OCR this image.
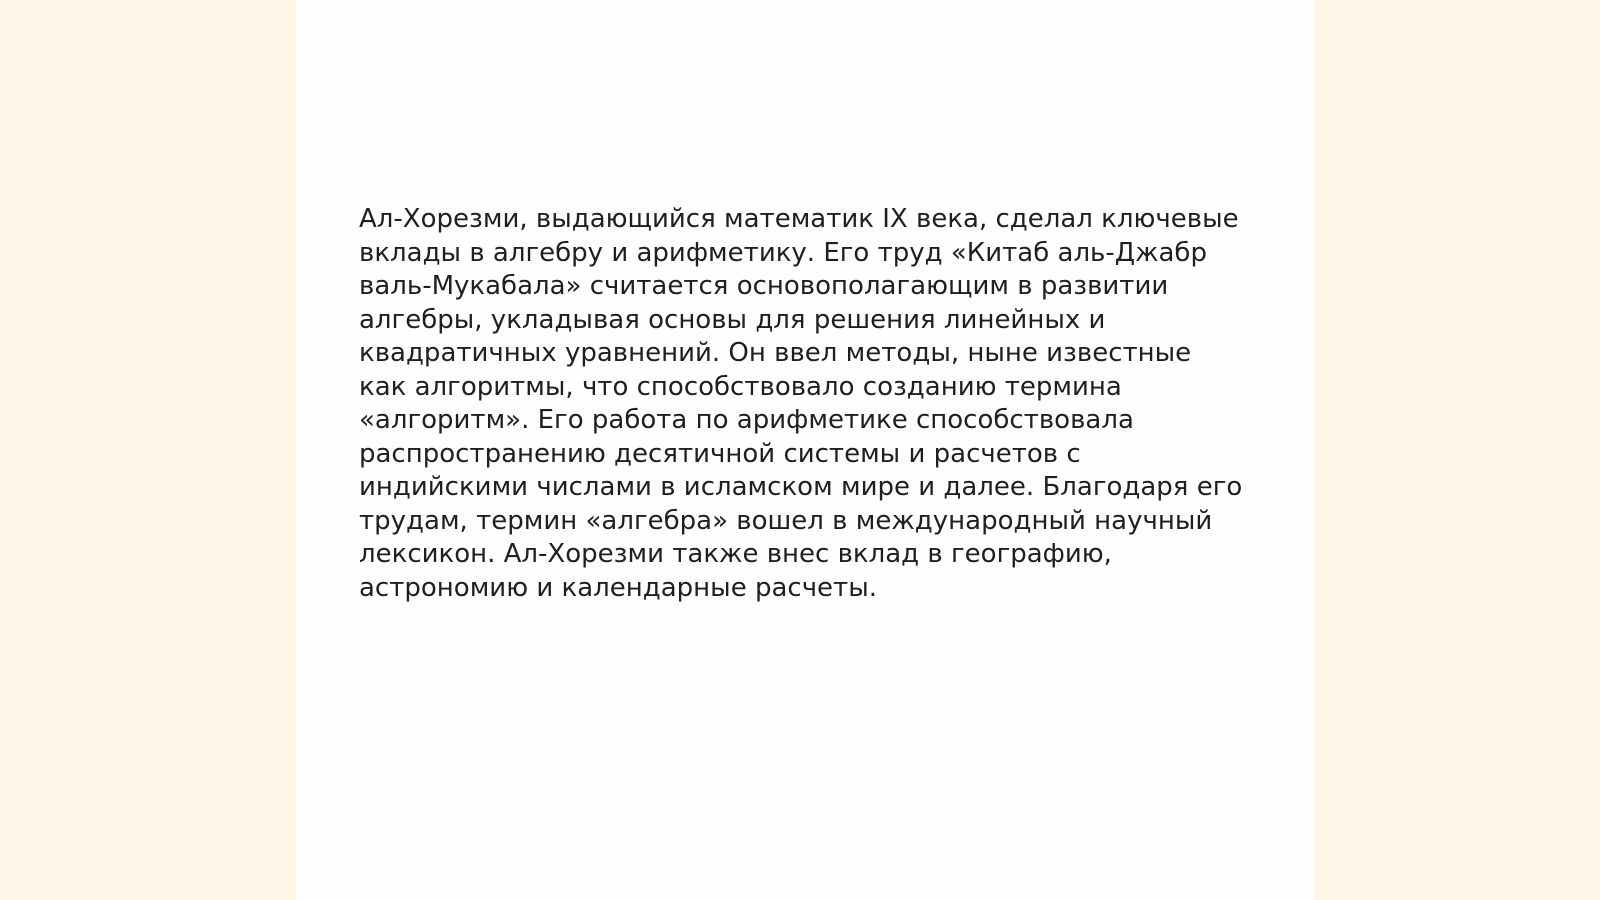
Ал-Хорезми, выдающийся математик IX века, сделал ключевые
вклады в алгебру и арифметику. Его труд «Китаб аль-Джабр
валь-Мукабала» считается основополагающим в развитии
алгебры, укладывая основы для решения линейных и
квадратичных уравнений. Он ввел методы, ныне известные
как алгоритмы, что способствовало созданию термина
«алгоритм». Его работа по арифметике способствовала
распространению десятичной системы и расчетов с
индийскими числами в исламском мире и далее. Благодаря его
трудам, термин «алгебра» вошел в международный научный
лексикон. Ал-Хорезми также внес вклад в географию,
астрономию и календарные расчеты.
